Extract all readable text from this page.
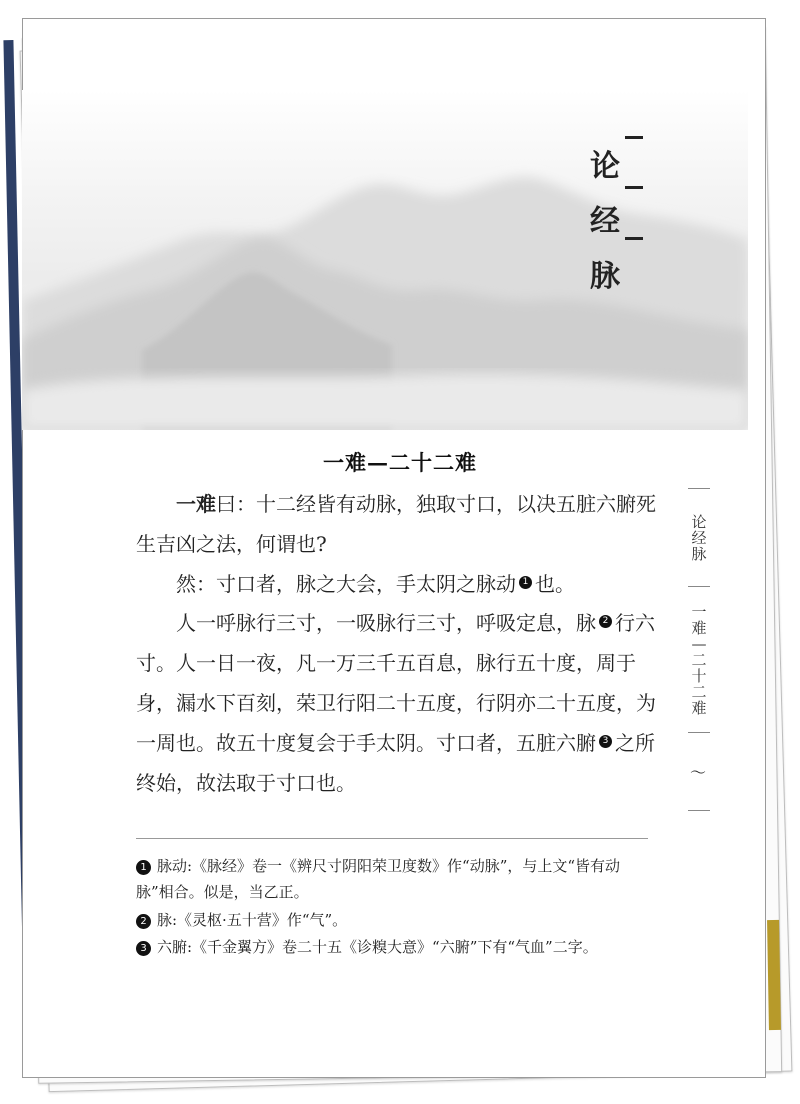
论
经
脉
一难—二十二难
一难曰：十二经皆有动脉，独取寸口，以决五脏六腑死生吉凶之法，何谓也?
然：寸口者，脉之大会，手太阴之脉动 1 也。
人一呼脉行三寸，一吸脉行三寸，呼吸定息，脉 2 行六寸。人一日一夜，凡一万三千五百息，脉行五十度，周于身，漏水下百刻，荣卫行阳二十五度，行阴亦二十五度，为一周也。故五十度复会于手太阴。寸口者，五脏六腑 3 之所终始，故法取于寸口也。
1 脉动:《脉经》卷一《辨尺寸阴阳荣卫度数》作“动脉”，与上文“皆有动脉”相合。似是，当乙正。
2 脉:《灵枢·五十营》作“气”。
3 六腑:《千金翼方》卷二十五《诊糗大意》“六腑”下有“气血”二字。
论
经
脉
一
难
—
二
十
二
难
〜
